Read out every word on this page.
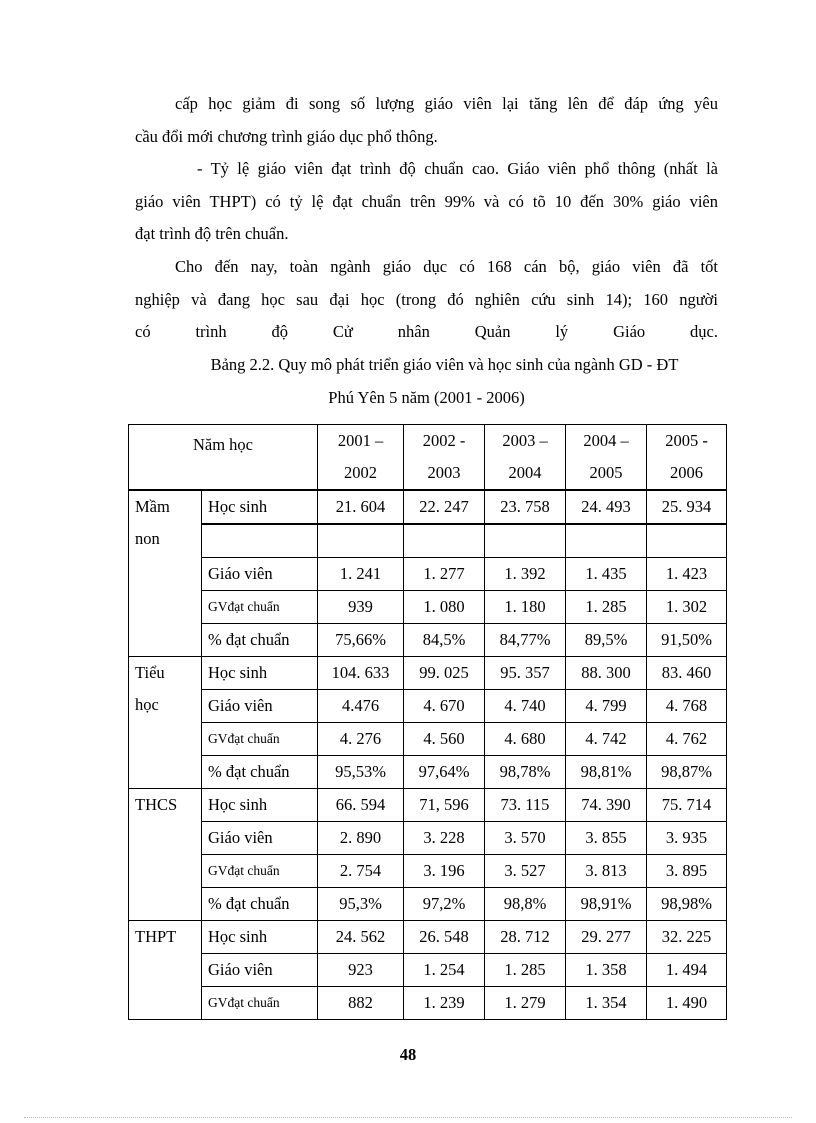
cấp học giảm đi song số lượng giáo viên lại tăng lên để đáp ứng yêu
cầu đổi mới chương trình giáo dục phổ thông.
- Tỷ lệ giáo viên đạt trình độ chuẩn cao. Giáo viên phổ thông (nhất là
giáo viên THPT) có tỷ lệ đạt chuẩn trên 99% và có tõ 10 đến 30% giáo viên
đạt trình độ trên chuẩn.
Cho đến nay, toàn ngành giáo dục có 168 cán bộ, giáo viên đã tốt
nghiệp và đang học sau đại học (trong đó nghiên cứu sinh 14); 160 người
có trình độ Cử nhân Quản lý Giáo dục.
Bảng 2.2. Quy mô phát triển giáo viên và học sinh của ngành GD - ĐT
Phú Yên 5 năm (2001 - 2006)
Năm học		2001 –	2002 -	2003 –	2004 –	2005 -
		2002	2003	2004	2005	2006

Mầm
non	Học sinh	21. 604	22. 247	23. 758	24. 493	25. 934

	Giáo viên	1. 241	1. 277	1. 392	1. 435	1. 423
	GVđạt chuẩn	939	1. 080	1. 180	1. 285	1. 302
	% đạt chuẩn	75,66%	84,5%	84,77%	89,5%	91,50%

Tiểu
học	Học sinh	104. 633	99. 025	95. 357	88. 300	83. 460
	Giáo viên	4.476	4. 670	4. 740	4. 799	4. 768
	GVđạt chuẩn	4. 276	4. 560	4. 680	4. 742	4. 762
	% đạt chuẩn	95,53%	97,64%	98,78%	98,81%	98,87%

THCS	Học sinh	66. 594	71, 596	73. 115	74. 390	75. 714
	Giáo viên	2. 890	3. 228	3. 570	3. 855	3. 935
	GVđạt chuẩn	2. 754	3. 196	3. 527	3. 813	3. 895
	% đạt chuẩn	95,3%	97,2%	98,8%	98,91%	98,98%

THPT	Học sinh	24. 562	26. 548	28. 712	29. 277	32. 225
	Giáo viên	923	1. 254	1. 285	1. 358	1. 494
	GVđạt chuẩn	882	1. 239	1. 279	1. 354	1. 490
48
